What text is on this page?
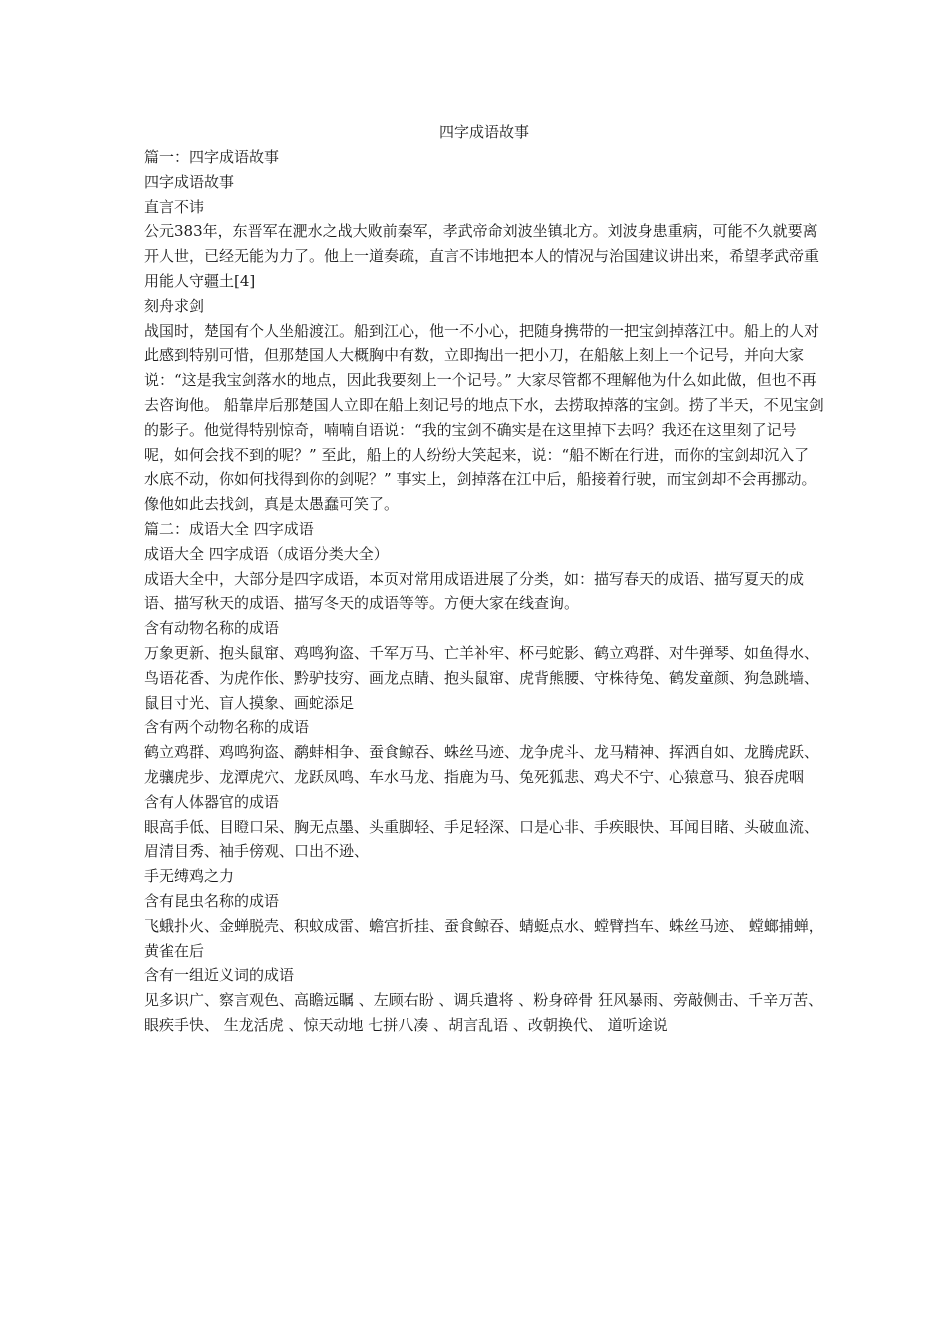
四字成语故事

篇一：四字成语故事

四字成语故事

直言不讳

公元383年，东晋军在淝水之战大败前秦军，孝武帝命刘波坐镇北方。刘波身患重病，可能不久就要离开人世，已经无能为力了。他上一道奏疏，直言不讳地把本人的情况与治国建议讲出来，希望孝武帝重用能人守疆土[4]

刻舟求剑

战国时，楚国有个人坐船渡江。船到江心，他一不小心，把随身携带的一把宝剑掉落江中。船上的人对此感到特别可惜，但那楚国人大概胸中有数，立即掏出一把小刀，在船舷上刻上一个记号，并向大家说：“这是我宝剑落水的地点，因此我要刻上一个记号。” 大家尽管都不理解他为什么如此做，但也不再去咨询他。 船靠岸后那楚国人立即在船上刻记号的地点下水，去捞取掉落的宝剑。捞了半天，不见宝剑的影子。他觉得特别惊奇，喃喃自语说：“我的宝剑不确实是在这里掉下去吗？我还在这里刻了记号呢，如何会找不到的呢？” 至此，船上的人纷纷大笑起来，说：“船不断在行进，而你的宝剑却沉入了水底不动，你如何找得到你的剑呢？” 事实上，剑掉落在江中后，船接着行驶，而宝剑却不会再挪动。像他如此去找剑，真是太愚蠢可笑了。

篇二：成语大全 四字成语

成语大全 四字成语（成语分类大全）

成语大全中，大部分是四字成语，本页对常用成语进展了分类，如：描写春天的成语、描写夏天的成语、描写秋天的成语、描写冬天的成语等等。方便大家在线查询。

含有动物名称的成语

万象更新、抱头鼠窜、鸡鸣狗盗、千军万马、亡羊补牢、杯弓蛇影、鹤立鸡群、对牛弹琴、如鱼得水、

鸟语花香、为虎作伥、黔驴技穷、画龙点睛、抱头鼠窜、虎背熊腰、守株待兔、鹤发童颜、狗急跳墙、

鼠目寸光、盲人摸象、画蛇添足

含有两个动物名称的成语

鹤立鸡群、鸡鸣狗盗、鹬蚌相争、蚕食鲸吞、蛛丝马迹、龙争虎斗、龙马精神、挥洒自如、龙腾虎跃、

龙骧虎步、龙潭虎穴、龙跃凤鸣、车水马龙、指鹿为马、兔死狐悲、鸡犬不宁、心猿意马、狼吞虎咽

含有人体器官的成语

眼高手低、目瞪口呆、胸无点墨、头重脚轻、手足轻深、口是心非、手疾眼快、耳闻目睹、头破血流、

眉清目秀、袖手傍观、口出不逊、

手无缚鸡之力

含有昆虫名称的成语

飞蛾扑火、金蝉脱壳、积蚊成雷、蟾宫折挂、蚕食鲸吞、蜻蜓点水、螳臂挡车、蛛丝马迹、 螳螂捕蝉，黄雀在后

含有一组近义词的成语

见多识广、察言观色、高瞻远瞩 、左顾右盼 、调兵遣将 、粉身碎骨 狂风暴雨、旁敲侧击、千辛万苦、 眼疾手快、 生龙活虎 、惊天动地 七拼八凑 、胡言乱语 、改朝换代、 道听途说
